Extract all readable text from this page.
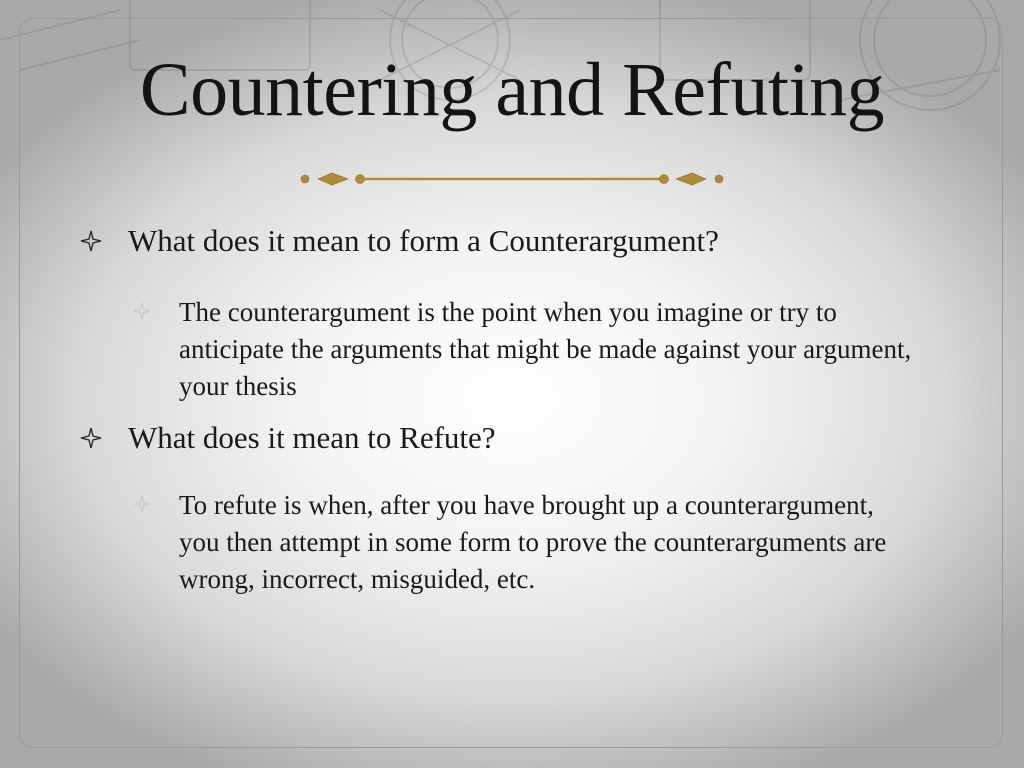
Countering and Refuting
What does it mean to form a Counterargument?
The counterargument is the point when you imagine or try to anticipate the arguments that might be made against your argument, your thesis
What does it mean to Refute?
To refute is when, after you have brought up a counterargument, you then attempt in some form to prove the counterarguments are wrong, incorrect, misguided, etc.
